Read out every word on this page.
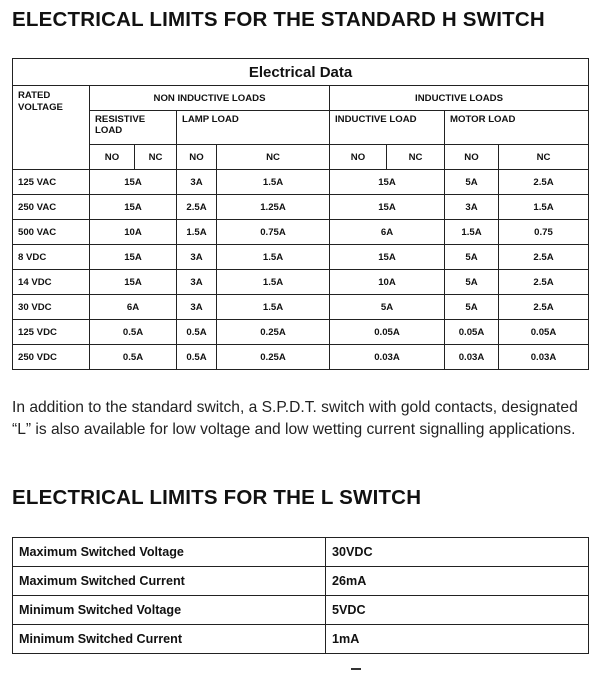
ELECTRICAL LIMITS FOR THE STANDARD H SWITCH
Electrical Data								
RATED VOLTAGE	NON INDUCTIVE LOADS				INDUCTIVE LOADS			
	RESISTIVE LOAD		LAMP LOAD		INDUCTIVE LOAD		MOTOR LOAD	
	NO	NC	NO	NC	NO	NC	NO	NC
125 VAC	15A		3A	1.5A	15A		5A	2.5A
250 VAC	15A		2.5A	1.25A	15A		3A	1.5A
500 VAC	10A		1.5A	0.75A	6A		1.5A	0.75
8 VDC	15A		3A	1.5A	15A		5A	2.5A
14 VDC	15A		3A	1.5A	10A		5A	2.5A
30 VDC	6A		3A	1.5A	5A		5A	2.5A
125 VDC	0.5A		0.5A	0.25A	0.05A		0.05A	0.05A
250 VDC	0.5A		0.5A	0.25A	0.03A		0.03A	0.03A

In addition to the standard switch, a S.P.D.T. switch with gold contacts, designated “L” is also available for low voltage and low wetting current signalling applications.

ELECTRICAL LIMITS FOR THE L SWITCH
Maximum Switched Voltage	30VDC
Maximum Switched Current	26mA
Minimum Switched Voltage	5VDC
Minimum Switched Current	1mA
